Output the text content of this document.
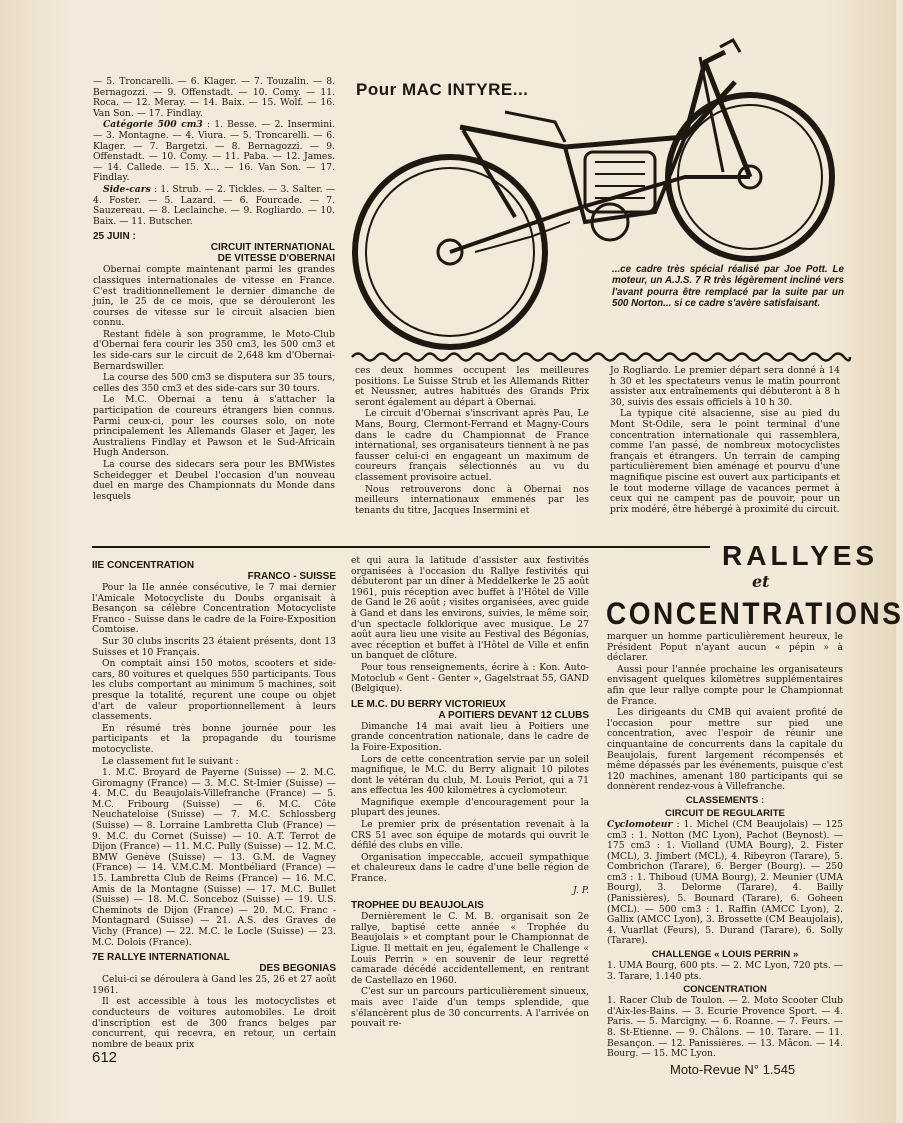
Pour MAC INTYRE...
...ce cadre très spécial réalisé par Joe Pott. Le moteur, un A.J.S. 7 R très légèrement incliné vers l'avant pourra être remplacé par la suite par un 500 Norton... si ce cadre s'avère satisfaisant.

— 5. Troncarelli. — 6. Klager. — 7. Touzalin. — 8. Bernagozzi. — 9. Offenstadt. — 10. Comy. — 11. Roca. — 12. Meray. — 14. Baix. — 15. Wolf. — 16. Van Son. — 17. Findlay.

Catégorie 500 cm3 : 1. Besse. — 2. Insermini. — 3. Montagne. — 4. Viura. — 5. Troncarelli. — 6. Klager. — 7. Bargetzi. — 8. Bernagozzi. — 9. Offenstadt. — 10. Comy. — 11. Paba. — 12. James. — 14. Callede. — 15. X... — 16. Van Son. — 17. Findlay.

Side-cars : 1. Strub. — 2. Tickles. — 3. Salter. — 4. Foster. — 5. Lazard. — 6. Fourcade. — 7. Sauzereau. — 8. Leclainche. — 9. Rogliardo. — 10. Baix. — 11. Butscher.

25 JUIN :

CIRCUIT INTERNATIONAL
DE VITESSE D'OBERNAI

Obernai compte maintenant parmi les grandes classiques internationales de vitesse en France. C'est traditionnellement le dernier dimanche de juin, le 25 de ce mois, que se dérouleront les courses de vitesse sur le circuit alsacien bien connu.

Restant fidèle à son programme, le Moto-Club d'Obernai fera courir les 350 cm3, les 500 cm3 et les side-cars sur le circuit de 2,648 km d'Obernai-Bernardswiller.

La course des 500 cm3 se disputera sur 35 tours, celles des 350 cm3 et des side-cars sur 30 tours.

Le M.C. Obernai a tenu à s'attacher la participation de coureurs étrangers bien connus. Parmi ceux-ci, pour les courses solo, on note principalement les Allemands Glaser et Jager, les Australiens Findlay et Pawson et le Sud-Africain Hugh Anderson.

La course des sidecars sera pour les BMWistes Scheidegger et Deubel l'occasion d'un nouveau duel en marge des Championnats du Monde dans lesquels

ces deux hommes occupent les meilleures positions. Le Suisse Strub et les Allemands Ritter et Neussner, autres habitués des Grands Prix seront également au départ à Obernai.

Le circuit d'Obernai s'inscrivant après Pau, Le Mans, Bourg, Clermont-Ferrand et Magny-Cours dans le cadre du Championnat de France international, ses organisateurs tiennent à ne pas fausser celui-ci en engageant un maximum de coureurs français sélectionnés au vu du classement provisoire actuel.

Nous retrouverons donc à Obernai nos meilleurs internationaux emmenés par les tenants du titre, Jacques Insermini et

Jo Rogliardo. Le premier départ sera donné à 14 h 30 et les spectateurs venus le matin pourront assister aux entraînements qui débuteront à 8 h 30, suivis des essais officiels à 10 h 30.

La typique cité alsacienne, sise au pied du Mont St-Odile, sera le point terminal d'une concentration internationale qui rassemblera, comme l'an passé, de nombreux motocyclistes français et étrangers. Un terrain de camping particulièrement bien aménagé et pourvu d'une magnifique piscine est ouvert aux participants et le tout moderne village de vacances permet à ceux qui ne campent pas de pouvoir, pour un prix modéré, être hébergé à proximité du circuit.

RALLYES
et
CONCENTRATIONS
IIE CONCENTRATION
FRANCO - SUISSE

Pour la IIe année consécutive, le 7 mai dernier l'Amicale Motocycliste du Doubs organisait à Besançon sa célèbre Concentration Motocycliste Franco - Suisse dans le cadre de la Foire-Exposition Comtoise.

Sur 30 clubs inscrits 23 étaient présents, dont 13 Suisses et 10 Français.

On comptait ainsi 150 motos, scooters et side-cars, 80 voitures et quelques 550 participants. Tous les clubs comportant au minimum 5 machines, soit presque la totalité, reçurent une coupe ou objet d'art de valeur proportionnellement à leurs classements.

En résumé très bonne journée pour les participants et la propagande du tourisme motocycliste.

Le classement fut le suivant :

1. M.C. Broyard de Payerne (Suisse) — 2. M.C. Giromagny (France) — 3. M.C. St-Imier (Suisse) — 4. M.C. du Beaujolais-Villefranche (France) — 5. M.C. Fribourg (Suisse) — 6. M.C. Côte Neuchateloise (Suisse) — 7. M.C. Schlossberg (Suisse) — 8. Lorraine Lambretta Club (France) — 9. M.C. du Cornet (Suisse) — 10. A.T. Terrot de Dijon (France) — 11. M.C. Pully (Suisse) — 12. M.C. BMW Genève (Suisse) — 13. G.M. de Vagney (France) — 14. V.M.C.M. Montbéliard (France) — 15. Lambretta Club de Reims (France) — 16. M.C. Amis de la Montagne (Suisse) — 17. M.C. Bullet (Suisse) — 18. M.C. Sonceboz (Suisse) — 19. U.S. Cheminots de Dijon (France) — 20. M.C. Franc - Montagnard (Suisse) — 21. A.S. des Graves de Vichy (France) — 22. M.C. le Locle (Suisse) — 23. M.C. Dolois (France).

7E RALLYE INTERNATIONAL
DES BEGONIAS

Celui-ci se déroulera à Gand les 25, 26 et 27 août 1961.

Il est accessible à tous les motocyclistes et conducteurs de voitures automobiles. Le droit d'inscription est de 300 francs belges par concurrent, qui recevra, en retour, un certain nombre de beaux prix

et qui aura la latitude d'assister aux festivités organisées à l'occasion du Rallye festivités qui débuteront par un dîner à Meddelkerke le 25 août 1961, puis réception avec buffet à l'Hôtel de Ville de Gand le 26 août ; visites organisées, avec guide à Gand et dans les environs, suivies, le même soir, d'un spectacle folklorique avec musique. Le 27 août aura lieu une visite au Festival des Bégonias, avec réception et buffet à l'Hôtel de Ville et enfin un banquet de clôture.

Pour tous renseignements, écrire à : Kon. Auto-Motoclub « Gent - Genter », Gagelstraat 55, GAND (Belgique).

LE M.C. DU BERRY VICTORIEUX
A POITIERS DEVANT 12 CLUBS

Dimanche 14 mai avait lieu à Poitiers une grande concentration nationale, dans le cadre de la Foire-Exposition.

Lors de cette concentration servie par un soleil magnifique, le M.C. du Berry alignait 10 pilotes dont le vétéran du club, M. Louis Periot, qui a 71 ans effectua les 400 kilomètres à cyclomoteur.

Magnifique exemple d'encouragement pour la plupart des jeunes.

Le premier prix de présentation revenait à la CRS 51 avec son équipe de motards qui ouvrit le défilé des clubs en ville.

Organisation impeccable, accueil sympathique et chaleureux dans le cadre d'une belle région de France.

J. P.

TROPHEE DU BEAUJOLAIS

Dernièrement le C. M. B. organisait son 2e rallye, baptisé cette année « Trophée du Beaujolais » et comptant pour le Championnat de Ligue. Il mettait en jeu, également le Challenge « Louis Perrin » en souvenir de leur regretté camarade décédé accidentellement, en rentrant de Castellazo en 1960.

C'est sur un parcours particulièrement sinueux, mais avec l'aide d'un temps splendide, que s'élancèrent plus de 30 concurrents. A l'arrivée on pouvait re-

marquer un homme particulièrement heureux, le Président Poput n'ayant aucun « pépin » à déclarer.

Aussi pour l'année prochaine les organisateurs envisagent quelques kilomètres supplémentaires afin que leur rallye compte pour le Championnat de France.

Les dirigeants du CMB qui avaient profité de l'occasion pour mettre sur pied une concentration, avec l'espoir de réunir une cinquantaine de concurrents dans la capitale du Beaujolais, furent largement récompensés et même dépassés par les événements, puisque c'est 120 machines, amenant 180 participants qui se donnèrent rendez-vous à Villefranche.

CLASSEMENTS :
CIRCUIT DE REGULARITE

Cyclomoteur : 1. Michel (CM Beaujolais) — 125 cm3 : 1. Notton (MC Lyon), Pachot (Beynost). — 175 cm3 : 1. Violland (UMA Bourg), 2. Fister (MCL), 3. Jimbert (MCL), 4. Ribeyron (Tarare), 5. Combrichon (Tarare), 6. Berger (Bourg). — 250 cm3 : 1. Thiboud (UMA Bourg), 2. Meunier (UMA Bourg), 3. Delorme (Tarare), 4. Bailly (Panissières), 5. Bounard (Tarare), 6. Goheen (MCL). — 500 cm3 : 1. Raffin (AMCC Lyon), 2. Gallix (AMCC Lyon), 3. Brossette (CM Beaujolais), 4. Vuarllat (Feurs), 5. Durand (Tarare), 6. Solly (Tarare).

CHALLENGE « LOUIS PERRIN »

1. UMA Bourg, 600 pts. — 2. MC Lyon, 720 pts. — 3. Tarare, 1.140 pts.

CONCENTRATION

1. Racer Club de Toulon. — 2. Moto Scooter Club d'Aix-les-Bains. — 3. Ecurie Provence Sport. — 4. Paris. — 5. Marcigny. — 6. Roanne. — 7. Feurs. — 8. St-Etienne. — 9. Châlons. — 10. Tarare. — 11. Besançon. — 12. Panissières. — 13. Mâcon. — 14. Bourg. — 15. MC Lyon.

612
Moto-Revue N° 1.545
